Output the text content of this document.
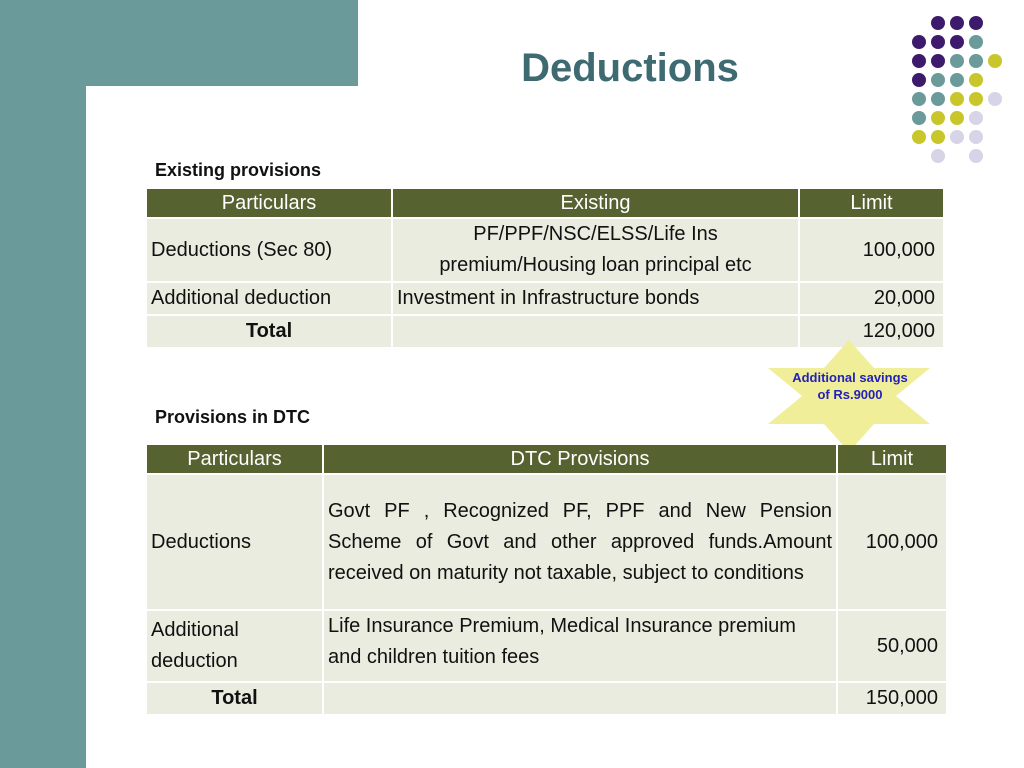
Deductions
Existing provisions
Particulars	Existing	Limit
Deductions (Sec 80)	PF/PPF/NSC/ELSS/Life Ins premium/Housing loan principal etc	100,000
Additional deduction	Investment in Infrastructure bonds	20,000
Total		120,000
Additional savings of Rs.9000
Provisions in DTC
Particulars	DTC Provisions	Limit
Deductions	Govt PF , Recognized PF, PPF and New Pension Scheme of Govt and other approved funds.Amount received on maturity not taxable, subject to conditions	100,000
Additional deduction	Life Insurance Premium, Medical Insurance premium and children tuition fees	50,000
Total		150,000
